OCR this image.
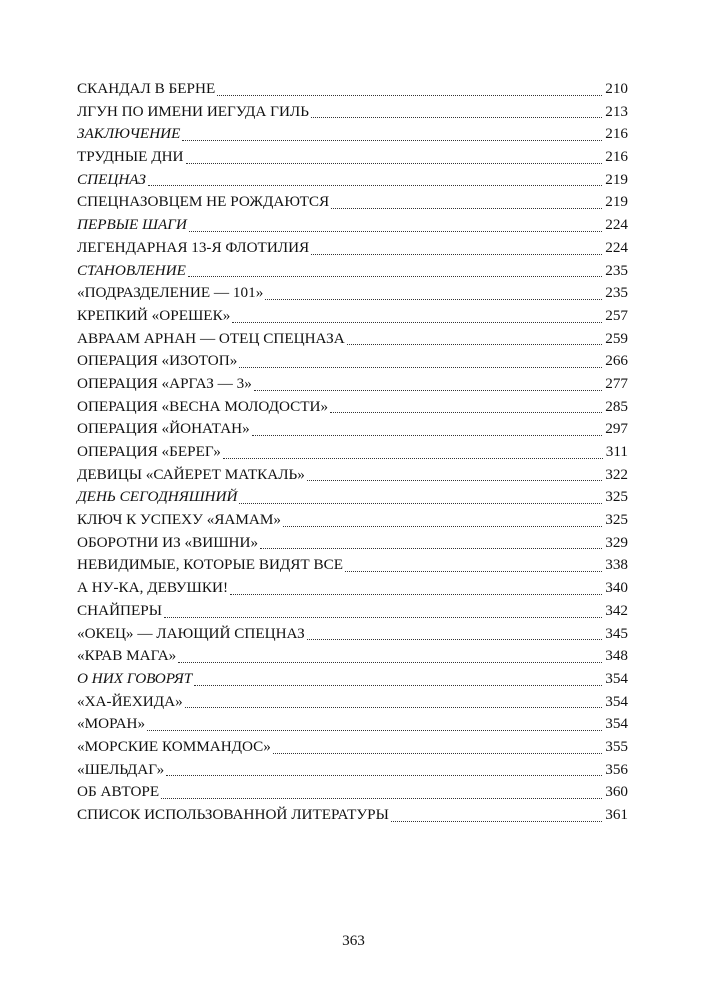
СКАНДАЛ В БЕРНЕ	210
ЛГУН ПО ИМЕНИ ИЕГУДА ГИЛЬ	213
ЗАКЛЮЧЕНИЕ	216
ТРУДНЫЕ ДНИ	216
СПЕЦНАЗ	219
СПЕЦНАЗОВЦЕМ НЕ РОЖДАЮТСЯ	219
ПЕРВЫЕ ШАГИ	224
ЛЕГЕНДАРНАЯ 13-Я ФЛОТИЛИЯ	224
СТАНОВЛЕНИЕ	235
«ПОДРАЗДЕЛЕНИЕ — 101»	235
КРЕПКИЙ «ОРЕШЕК»	257
АВРААМ АРНАН — ОТЕЦ СПЕЦНАЗА	259
ОПЕРАЦИЯ «ИЗОТОП»	266
ОПЕРАЦИЯ «АРГАЗ — 3»	277
ОПЕРАЦИЯ «ВЕСНА МОЛОДОСТИ»	285
ОПЕРАЦИЯ «ЙОНАТАН»	297
ОПЕРАЦИЯ «БЕРЕГ»	311
ДЕВИЦЫ «САЙЕРЕТ МАТКАЛЬ»	322
ДЕНЬ СЕГОДНЯШНИЙ	325
КЛЮЧ К УСПЕХУ «ЯАМАМ»	325
ОБОРОТНИ ИЗ «ВИШНИ»	329
НЕВИДИМЫЕ, КОТОРЫЕ ВИДЯТ ВСЕ	338
А НУ-КА, ДЕВУШКИ!	340
СНАЙПЕРЫ	342
«ОКЕЦ» — ЛАЮЩИЙ СПЕЦНАЗ	345
«КРАВ МАГА»	348
О НИХ ГОВОРЯТ	354
«ХА-ЙЕХИДА»	354
«МОРАН»	354
«МОРСКИЕ КОММАНДОС»	355
«ШЕЛЬДАГ»	356
ОБ АВТОРЕ	360
СПИСОК ИСПОЛЬЗОВАННОЙ ЛИТЕРАТУРЫ	361
363
